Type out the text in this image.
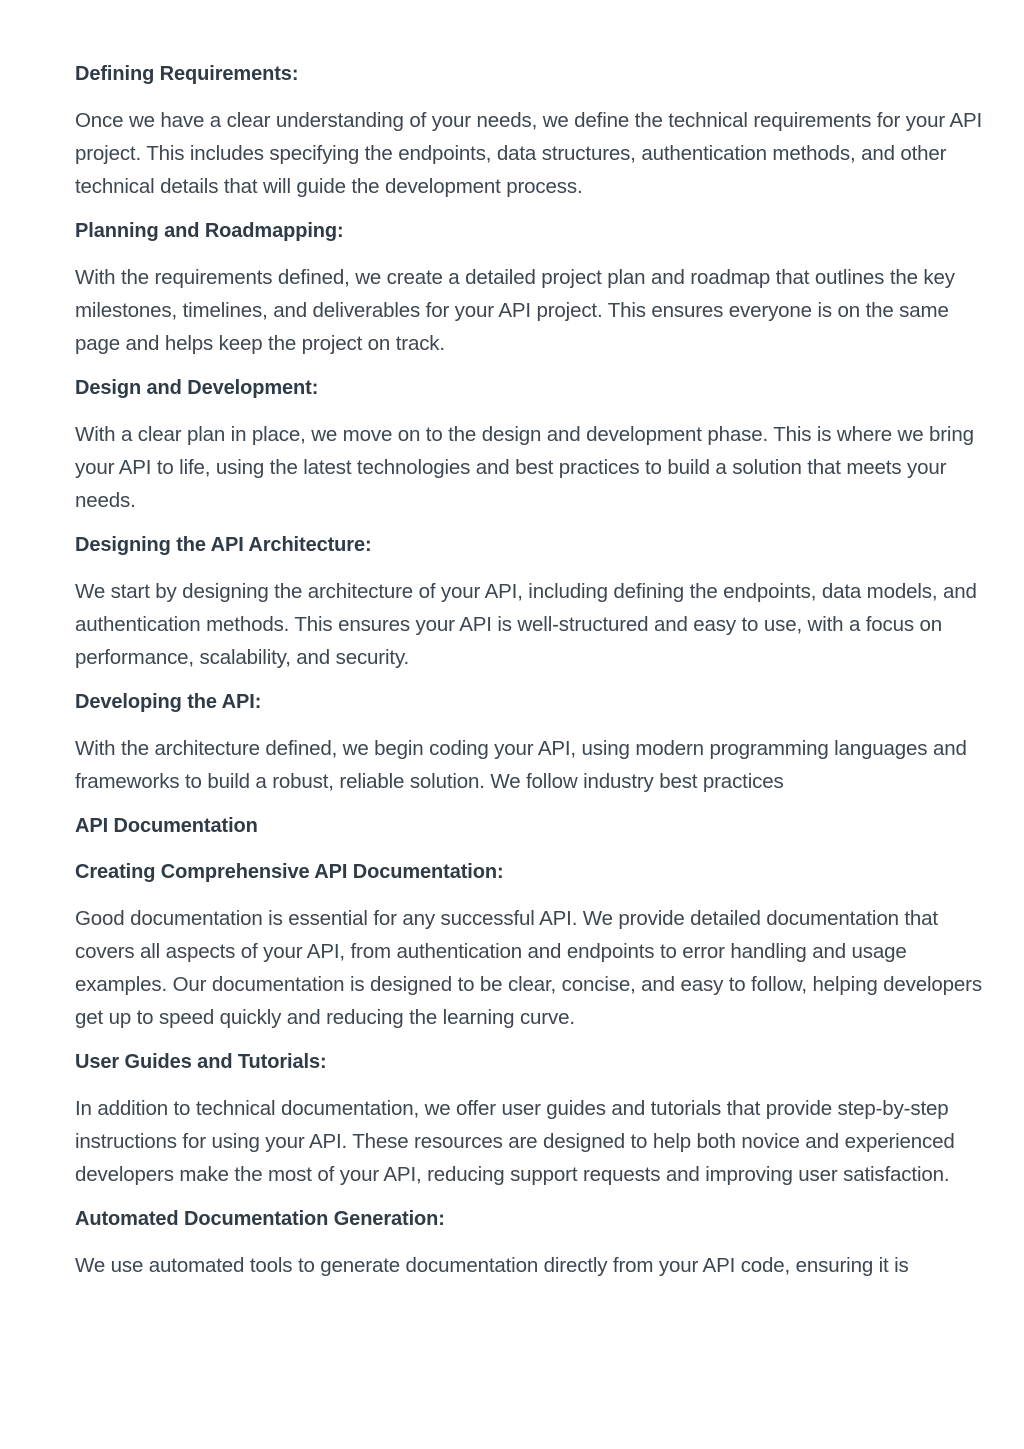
Defining Requirements:

Once we have a clear understanding of your needs, we define the technical requirements for your API project. This includes specifying the endpoints, data structures, authentication methods, and other technical details that will guide the development process.

Planning and Roadmapping:

With the requirements defined, we create a detailed project plan and roadmap that outlines the key milestones, timelines, and deliverables for your API project. This ensures everyone is on the same page and helps keep the project on track.

Design and Development:

With a clear plan in place, we move on to the design and development phase. This is where we bring your API to life, using the latest technologies and best practices to build a solution that meets your needs.

Designing the API Architecture:

We start by designing the architecture of your API, including defining the endpoints, data models, and authentication methods. This ensures your API is well-structured and easy to use, with a focus on performance, scalability, and security.

Developing the API:

With the architecture defined, we begin coding your API, using modern programming languages and frameworks to build a robust, reliable solution. We follow industry best practices

API Documentation

Creating Comprehensive API Documentation:

Good documentation is essential for any successful API. We provide detailed documentation that covers all aspects of your API, from authentication and endpoints to error handling and usage examples. Our documentation is designed to be clear, concise, and easy to follow, helping developers get up to speed quickly and reducing the learning curve.

User Guides and Tutorials:

In addition to technical documentation, we offer user guides and tutorials that provide step-by-step instructions for using your API. These resources are designed to help both novice and experienced developers make the most of your API, reducing support requests and improving user satisfaction.

Automated Documentation Generation:

We use automated tools to generate documentation directly from your API code, ensuring it is
